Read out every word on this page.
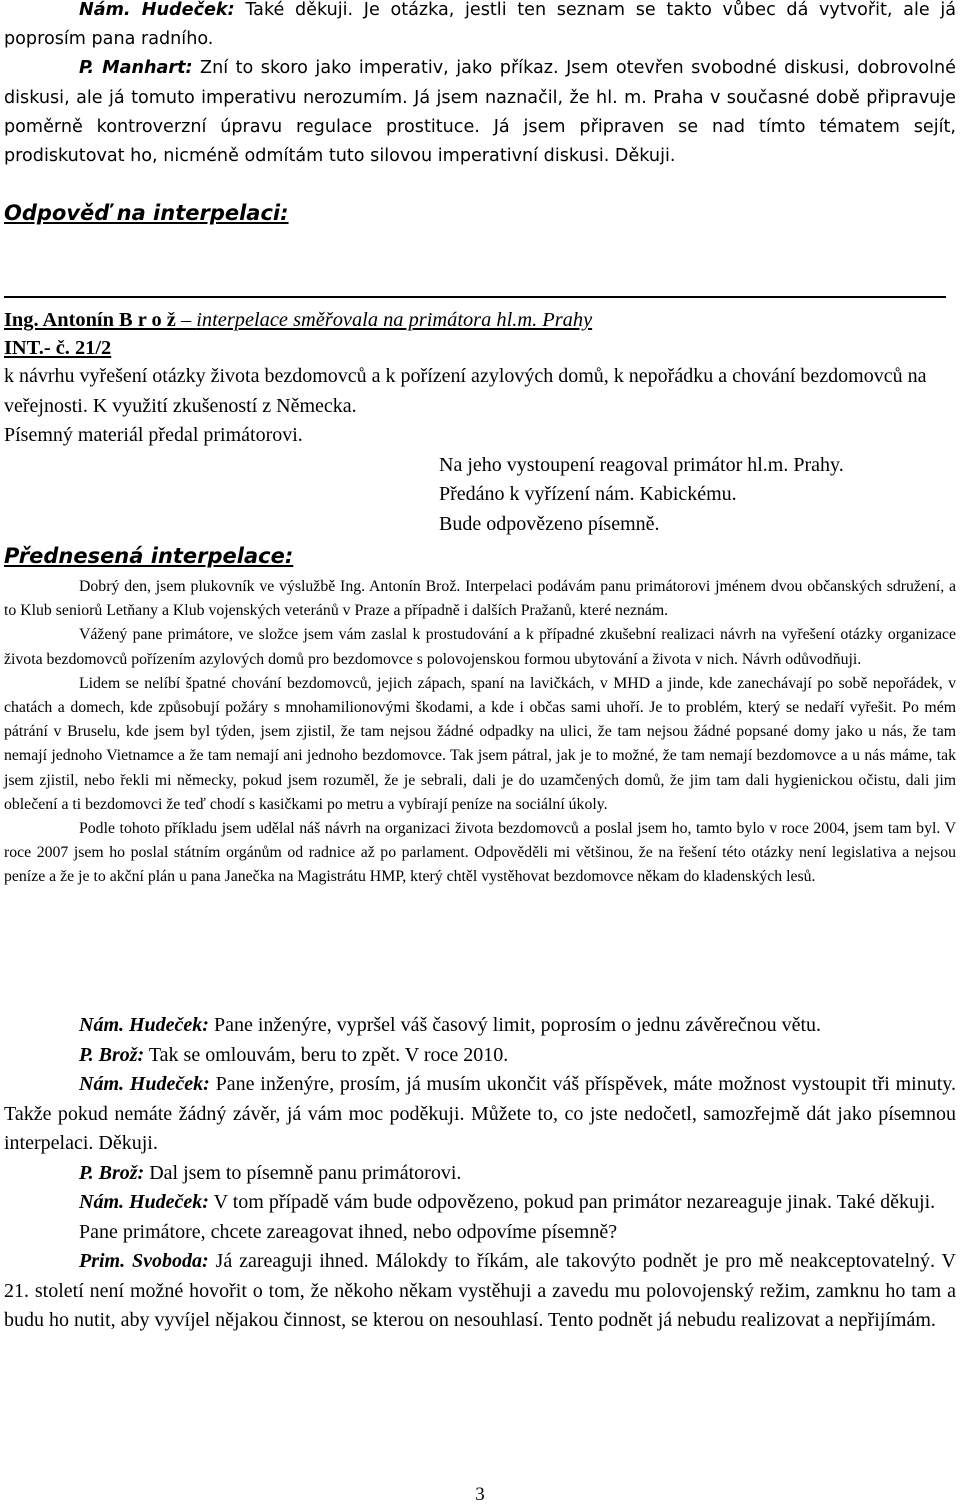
Nám. Hudeček: Také děkuji. Je otázka, jestli ten seznam se takto vůbec dá vytvořit, ale já poprosím pana radního.

P. Manhart: Zní to skoro jako imperativ, jako příkaz. Jsem otevřen svobodné diskusi, dobrovolné diskusi, ale já tomuto imperativu nerozumím. Já jsem naznačil, že hl. m. Praha v současné době připravuje poměrně kontroverzní úpravu regulace prostituce. Já jsem připraven se nad tímto tématem sejít, prodiskutovat ho, nicméně odmítám tuto silovou imperativní diskusi. Děkuji.

Odpověď na interpelaci:
Ing. Antonín B r o ž – interpelace směřovala na primátora hl.m. Prahy
INT.- č. 21/2

k návrhu vyřešení otázky života bezdomovců a k pořízení azylových domů, k nepořádku a chování bezdomovců na veřejnosti. K využití zkušeností z Německa.

Písemný materiál předal primátorovi.

Na jeho vystoupení reagoval primátor hl.m. Prahy.

Předáno k vyřízení nám. Kabickému.

Bude odpovězeno písemně.

Přednesená interpelace:

Dobrý den, jsem plukovník ve výslužbě Ing. Antonín Brož. Interpelaci podávám panu primátorovi jménem dvou občanských sdružení, a to Klub seniorů Letňany a Klub vojenských veteránů v Praze a případně i dalších Pražanů, které neznám.

Vážený pane primátore, ve složce jsem vám zaslal k prostudování a k případné zkušební realizaci návrh na vyřešení otázky organizace života bezdomovců pořízením azylových domů pro bezdomovce s polovojenskou formou ubytování a života v nich. Návrh odůvodňuji.

Lidem se nelíbí špatné chování bezdomovců, jejich zápach, spaní na lavičkách, v MHD a jinde, kde zanechávají po sobě nepořádek, v chatách a domech, kde způsobují požáry s mnohamilionovými škodami, a kde i občas sami uhoří. Je to problém, který se nedaří vyřešit. Po mém pátrání v Bruselu, kde jsem byl týden, jsem zjistil, že tam nejsou žádné odpadky na ulici, že tam nejsou žádné popsané domy jako u nás, že tam nemají jednoho Vietnamce a že tam nemají ani jednoho bezdomovce. Tak jsem pátral, jak je to možné, že tam nemají bezdomovce a u nás máme, tak jsem zjistil, nebo řekli mi německy, pokud jsem rozuměl, že je sebrali, dali je do uzamčených domů, že jim tam dali hygienickou očistu, dali jim oblečení a ti bezdomovci že teď chodí s kasičkami po metru a vybírají peníze na sociální úkoly.

Podle tohoto příkladu jsem udělal náš návrh na organizaci života bezdomovců a poslal jsem ho, tamto bylo v roce 2004, jsem tam byl. V roce 2007 jsem ho poslal státním orgánům od radnice až po parlament. Odpověděli mi většinou, že na řešení této otázky není legislativa a nejsou peníze a že je to akční plán u pana Janečka na Magistrátu HMP, který chtěl vystěhovat bezdomovce někam do kladenských lesů.

Nám. Hudeček: Pane inženýre, vypršel váš časový limit, poprosím o jednu závěrečnou větu.

P. Brož: Tak se omlouvám, beru to zpět. V roce 2010.

Nám. Hudeček: Pane inženýre, prosím, já musím ukončit váš příspěvek, máte možnost vystoupit tři minuty. Takže pokud nemáte žádný závěr, já vám moc poděkuji. Můžete to, co jste nedočetl, samozřejmě dát jako písemnou interpelaci. Děkuji.

P. Brož: Dal jsem to písemně panu primátorovi.

Nám. Hudeček: V tom případě vám bude odpovězeno, pokud pan primátor nezareaguje jinak. Také děkuji.

Pane primátore, chcete zareagovat ihned, nebo odpovíme písemně?

Prim. Svoboda: Já zareaguji ihned. Málokdy to říkám, ale takovýto podnět je pro mě neakceptovatelný. V 21. století není možné hovořit o tom, že někoho někam vystěhuji a zavedu mu polovojenský režim, zamknu ho tam a budu ho nutit, aby vyvíjel nějakou činnost, se kterou on nesouhlasí. Tento podnět já nebudu realizovat a nepřijímám.

3
